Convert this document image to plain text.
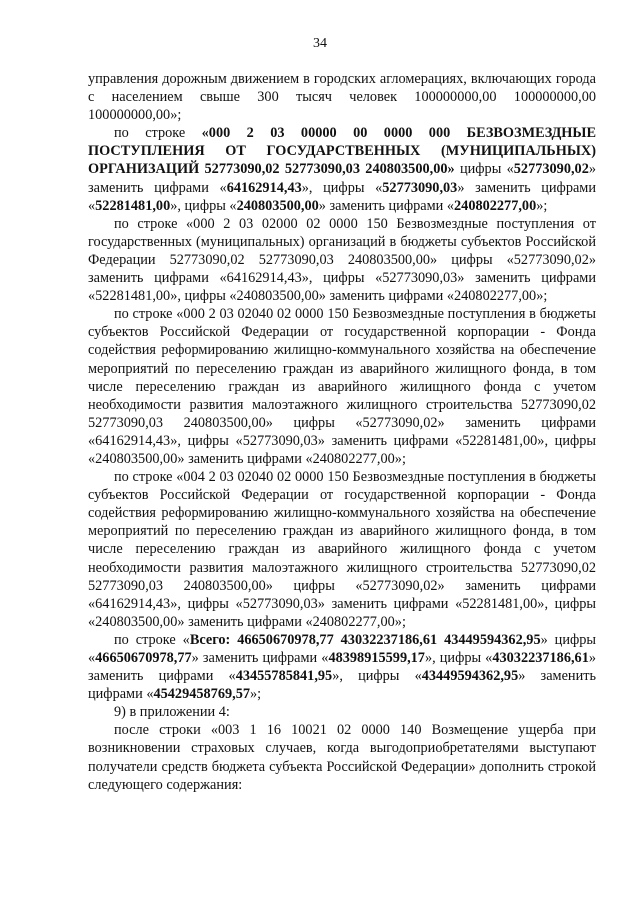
34

управления дорожным движением в городских агломерациях, включающих города с населением свыше 300 тысяч человек 100000000,00 100000000,00 100000000,00»;

по строке «000 2 03 00000 00 0000 000 БЕЗВОЗМЕЗДНЫЕ ПОСТУПЛЕНИЯ ОТ ГОСУДАРСТВЕННЫХ (МУНИЦИПАЛЬНЫХ) ОРГАНИЗАЦИЙ 52773090,02 52773090,03 240803500,00» цифры «52773090,02» заменить цифрами «64162914,43», цифры «52773090,03» заменить цифрами «52281481,00», цифры «240803500,00» заменить цифрами «240802277,00»;

по строке «000 2 03 02000 02 0000 150 Безвозмездные поступления от государственных (муниципальных) организаций в бюджеты субъектов Российской Федерации 52773090,02 52773090,03 240803500,00» цифры «52773090,02» заменить цифрами «64162914,43», цифры «52773090,03» заменить цифрами «52281481,00», цифры «240803500,00» заменить цифрами «240802277,00»;

по строке «000 2 03 02040 02 0000 150 Безвозмездные поступления в бюджеты субъектов Российской Федерации от государственной корпорации - Фонда содействия реформированию жилищно-коммунального хозяйства на обеспечение мероприятий по переселению граждан из аварийного жилищного фонда, в том числе переселению граждан из аварийного жилищного фонда с учетом необходимости развития малоэтажного жилищного строительства 52773090,02 52773090,03 240803500,00» цифры «52773090,02» заменить цифрами «64162914,43», цифры «52773090,03» заменить цифрами «52281481,00», цифры «240803500,00» заменить цифрами «240802277,00»;

по строке «004 2 03 02040 02 0000 150 Безвозмездные поступления в бюджеты субъектов Российской Федерации от государственной корпорации - Фонда содействия реформированию жилищно-коммунального хозяйства на обеспечение мероприятий по переселению граждан из аварийного жилищного фонда, в том числе переселению граждан из аварийного жилищного фонда с учетом необходимости развития малоэтажного жилищного строительства 52773090,02 52773090,03 240803500,00» цифры «52773090,02» заменить цифрами «64162914,43», цифры «52773090,03» заменить цифрами «52281481,00», цифры «240803500,00» заменить цифрами «240802277,00»;

по строке «Всего: 46650670978,77 43032237186,61 43449594362,95» цифры «46650670978,77» заменить цифрами «48398915599,17», цифры «43032237186,61» заменить цифрами «43455785841,95», цифры «43449594362,95» заменить цифрами «45429458769,57»;

9) в приложении 4:

после строки «003 1 16 10021 02 0000 140 Возмещение ущерба при возникновении страховых случаев, когда выгодоприобретателями выступают получатели средств бюджета субъекта Российской Федерации» дополнить строкой следующего содержания:
